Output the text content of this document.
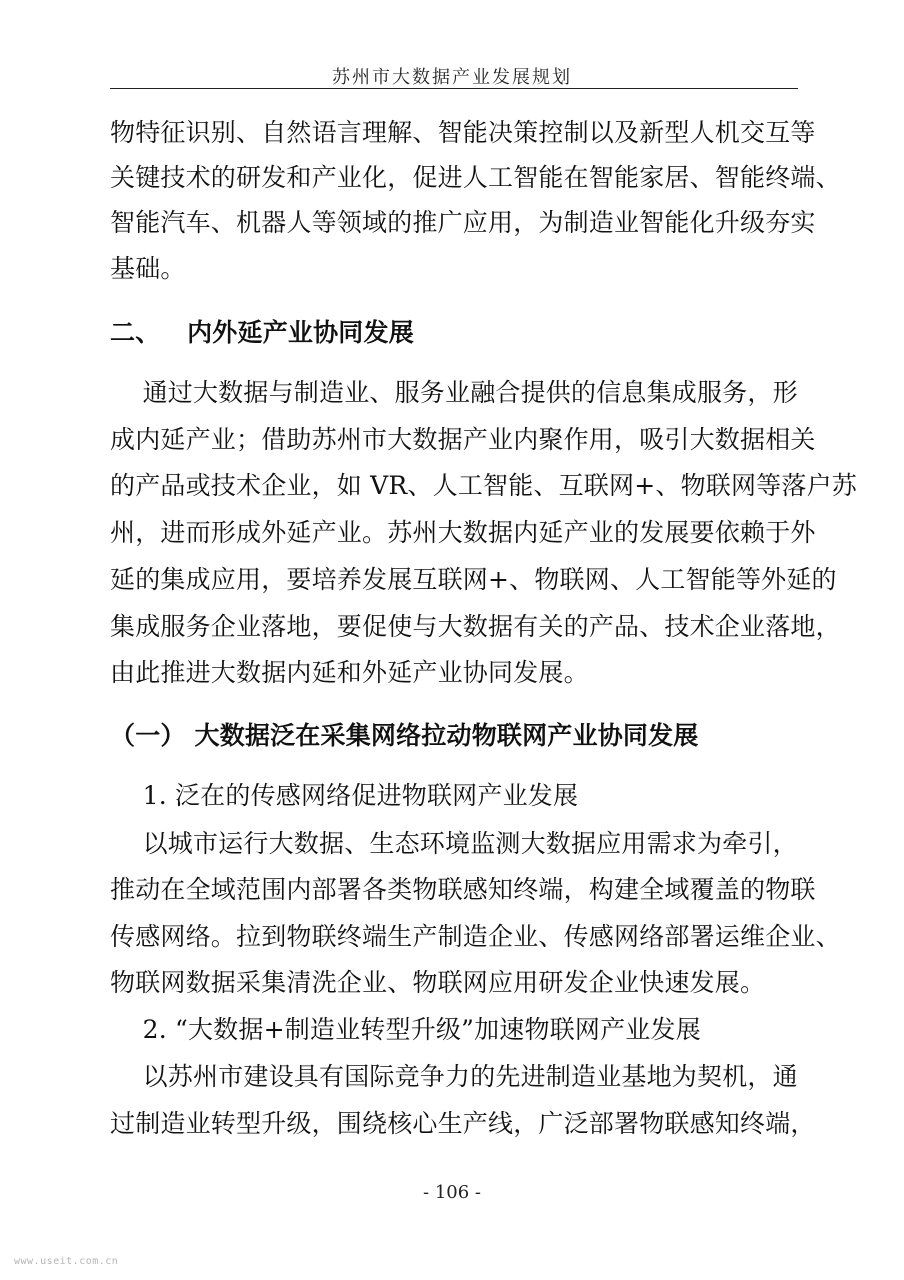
苏州市大数据产业发展规划
物特征识别、自然语言理解、智能决策控制以及新型人机交互等
关键技术的研发和产业化，促进人工智能在智能家居、智能终端、
智能汽车、机器人等领域的推广应用，为制造业智能化升级夯实
基础。
二、   内外延产业协同发展
通过大数据与制造业、服务业融合提供的信息集成服务，形
成内延产业；借助苏州市大数据产业内聚作用，吸引大数据相关
的产品或技术企业，如 VR、人工智能、互联网+、物联网等落户苏
州，进而形成外延产业。苏州大数据内延产业的发展要依赖于外
延的集成应用，要培养发展互联网+、物联网、人工智能等外延的
集成服务企业落地，要促使与大数据有关的产品、技术企业落地，
由此推进大数据内延和外延产业协同发展。
（一） 大数据泛在采集网络拉动物联网产业协同发展
1. 泛在的传感网络促进物联网产业发展
以城市运行大数据、生态环境监测大数据应用需求为牵引，
推动在全域范围内部署各类物联感知终端，构建全域覆盖的物联
传感网络。拉到物联终端生产制造企业、传感网络部署运维企业、
物联网数据采集清洗企业、物联网应用研发企业快速发展。
2. “大数据+制造业转型升级”加速物联网产业发展
以苏州市建设具有国际竞争力的先进制造业基地为契机，通
过制造业转型升级，围绕核心生产线，广泛部署物联感知终端，
- 106 -
www.useit.com.cn
